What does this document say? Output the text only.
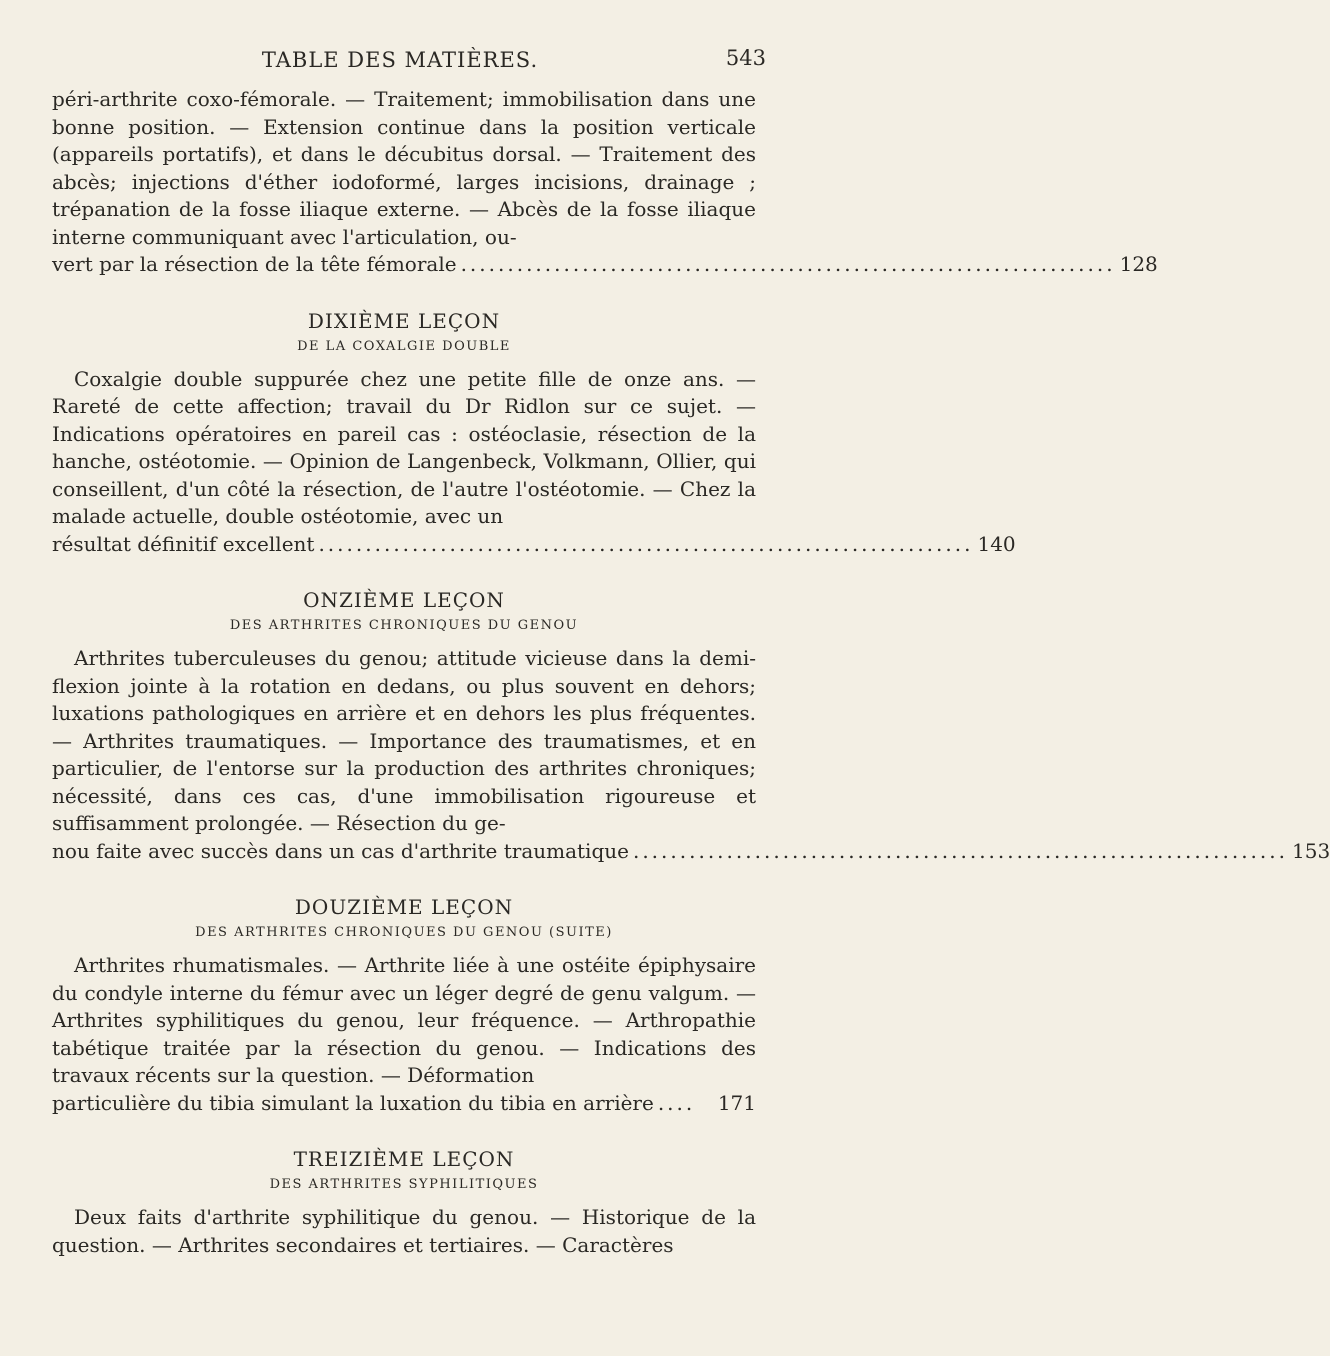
TABLE DES MATIÈRES.	543

péri-arthrite coxo-fémorale. — Traitement; immobilisation dans une bonne position. — Extension continue dans la position verticale (appareils portatifs), et dans le décubitus dorsal. — Traitement des abcès; injections d'éther iodoformé, larges incisions, drainage ; trépanation de la fosse iliaque externe. — Abcès de la fosse iliaque interne communiquant avec l'articulation, ou-

vert par la résection de la tête fémorale ...................................................................... 128
DIXIÈME LEÇON
DE LA COXALGIE DOUBLE

Coxalgie double suppurée chez une petite fille de onze ans. — Rareté de cette affection; travail du Dr Ridlon sur ce sujet. — Indications opératoires en pareil cas : ostéoclasie, résection de la hanche, ostéotomie. — Opinion de Langenbeck, Volkmann, Ollier, qui conseillent, d'un côté la résection, de l'autre l'ostéotomie. — Chez la malade actuelle, double ostéotomie, avec un

résultat définitif excellent ...................................................................... 140
ONZIÈME LEÇON
DES ARTHRITES CHRONIQUES DU GENOU

Arthrites tuberculeuses du genou; attitude vicieuse dans la demi-flexion jointe à la rotation en dedans, ou plus souvent en dehors; luxations pathologiques en arrière et en dehors les plus fréquentes. — Arthrites traumatiques. — Importance des traumatismes, et en particulier, de l'entorse sur la production des arthrites chroniques; nécessité, dans ces cas, d'une immobilisation rigoureuse et suffisamment prolongée. — Résection du ge-

nou faite avec succès dans un cas d'arthrite traumatique ...................................................................... 153
DOUZIÈME LEÇON
DES ARTHRITES CHRONIQUES DU GENOU (SUITE)

Arthrites rhumatismales. — Arthrite liée à une ostéite épiphysaire du condyle interne du fémur avec un léger degré de genu valgum. — Arthrites syphilitiques du genou, leur fréquence. — Arthropathie tabétique traitée par la résection du genou. — Indications des travaux récents sur la question. — Déformation

particulière du tibia simulant la luxation du tibia en arrière ....	171
TREIZIÈME LEÇON
DES ARTHRITES SYPHILITIQUES

Deux faits d'arthrite syphilitique du genou. — Historique de la question. — Arthrites secondaires et tertiaires. — Caractères
